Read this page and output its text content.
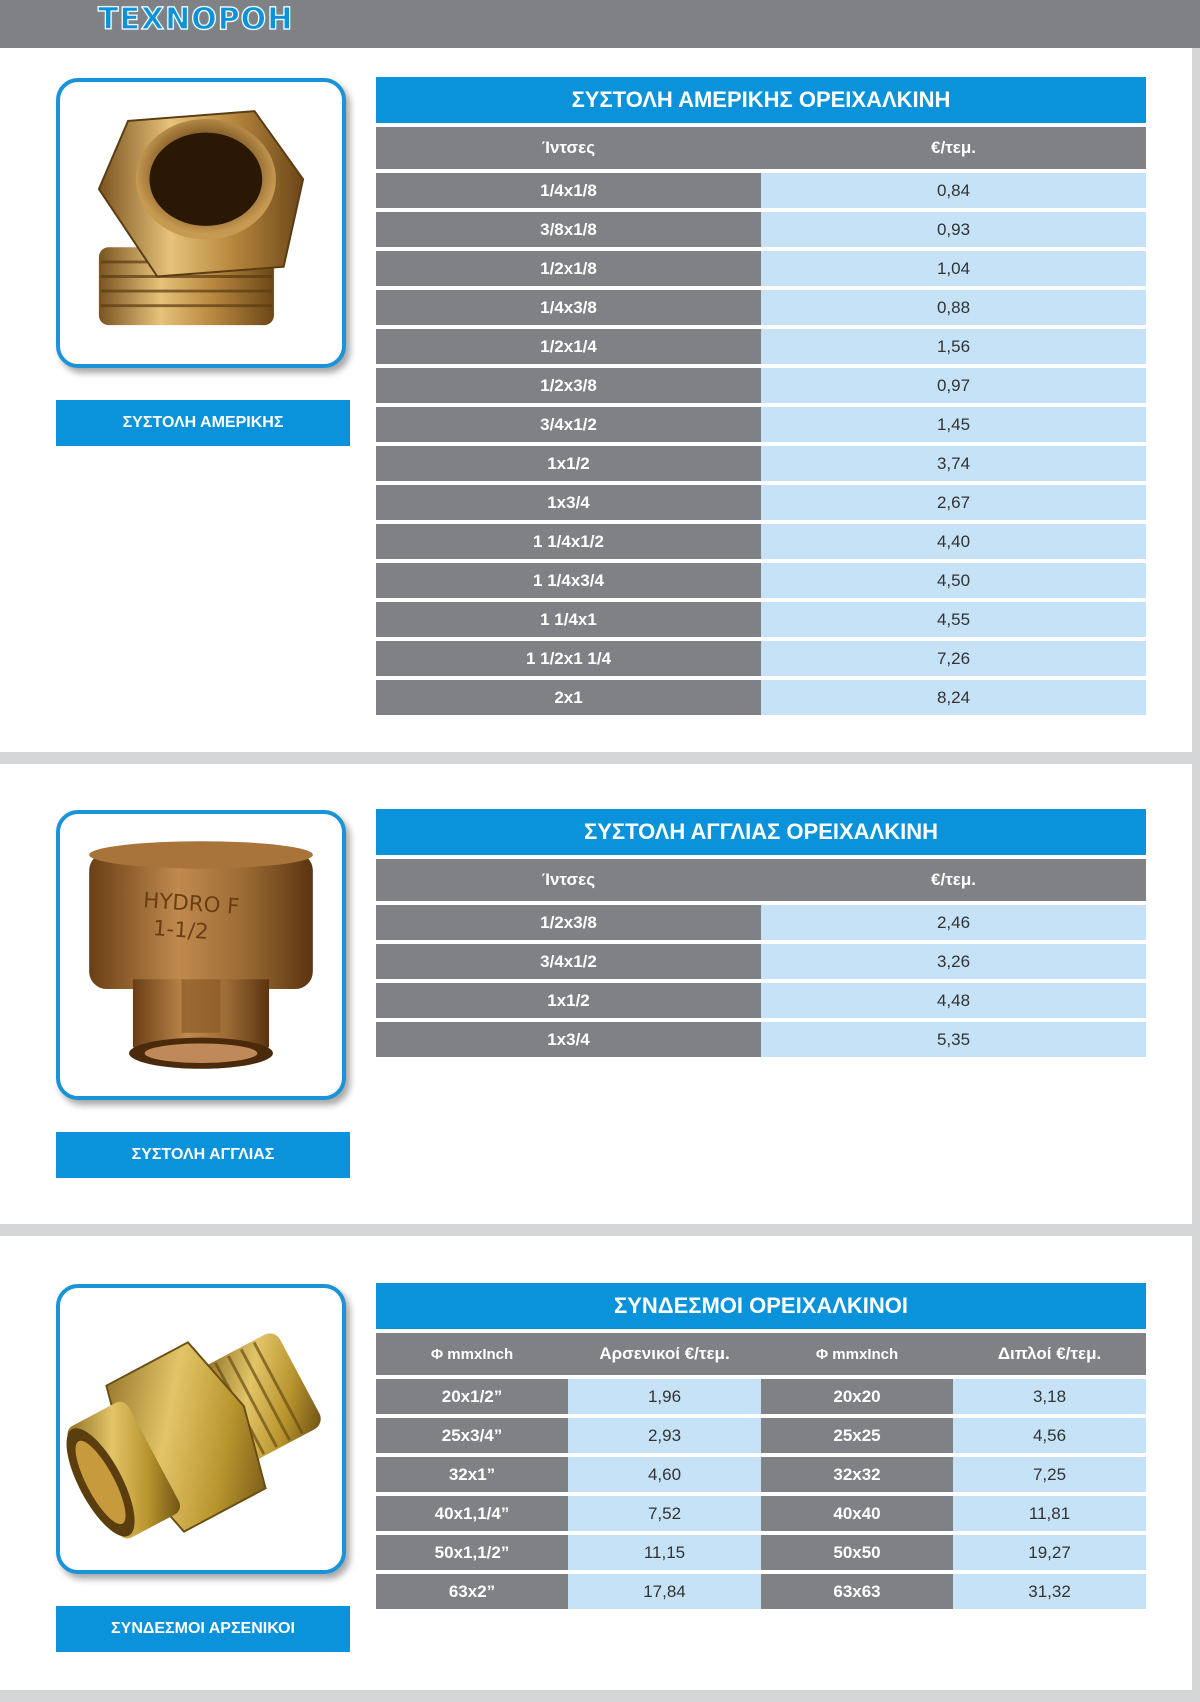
ΤΕΧΝΟΡΟΗ
ΣΥΣΤΟΛΗ ΑΜΕΡΙΚΗΣ
ΣΥΣΤΟΛΗ ΑΜΕΡΙΚΗΣ ΟΡΕΙΧΑΛΚΙΝΗ	
Ίντσες	€/τεμ.
1/4x1/8	0,84
3/8x1/8	0,93
1/2x1/8	1,04
1/4x3/8	0,88
1/2x1/4	1,56
1/2x3/8	0,97
3/4x1/2	1,45
1x1/2	3,74
1x3/4	2,67
1 1/4x1/2	4,40
1 1/4x3/4	4,50
1 1/4x1	4,55
1 1/2x1 1/4	7,26
2x1	8,24
HYDRO F
1-1/2
ΣΥΣΤΟΛΗ ΑΓΓΛΙΑΣ
ΣΥΣΤΟΛΗ ΑΓΓΛΙΑΣ ΟΡΕΙΧΑΛΚΙΝΗ	
Ίντσες	€/τεμ.
1/2x3/8	2,46
3/4x1/2	3,26
1x1/2	4,48
1x3/4	5,35
ΣΥΝΔΕΣΜΟΙ ΑΡΣΕΝΙΚΟΙ
ΣΥΝΔΕΣΜΟΙ ΟΡΕΙΧΑΛΚΙΝΟΙ			
Φ mmxInch	Αρσενικοί €/τεμ.	Φ mmxInch	Διπλοί €/τεμ.
20x1/2”	1,96	20x20	3,18
25x3/4”	2,93	25x25	4,56
32x1”	4,60	32x32	7,25
40x1,1/4”	7,52	40x40	11,81
50x1,1/2”	11,15	50x50	19,27
63x2”	17,84	63x63	31,32
